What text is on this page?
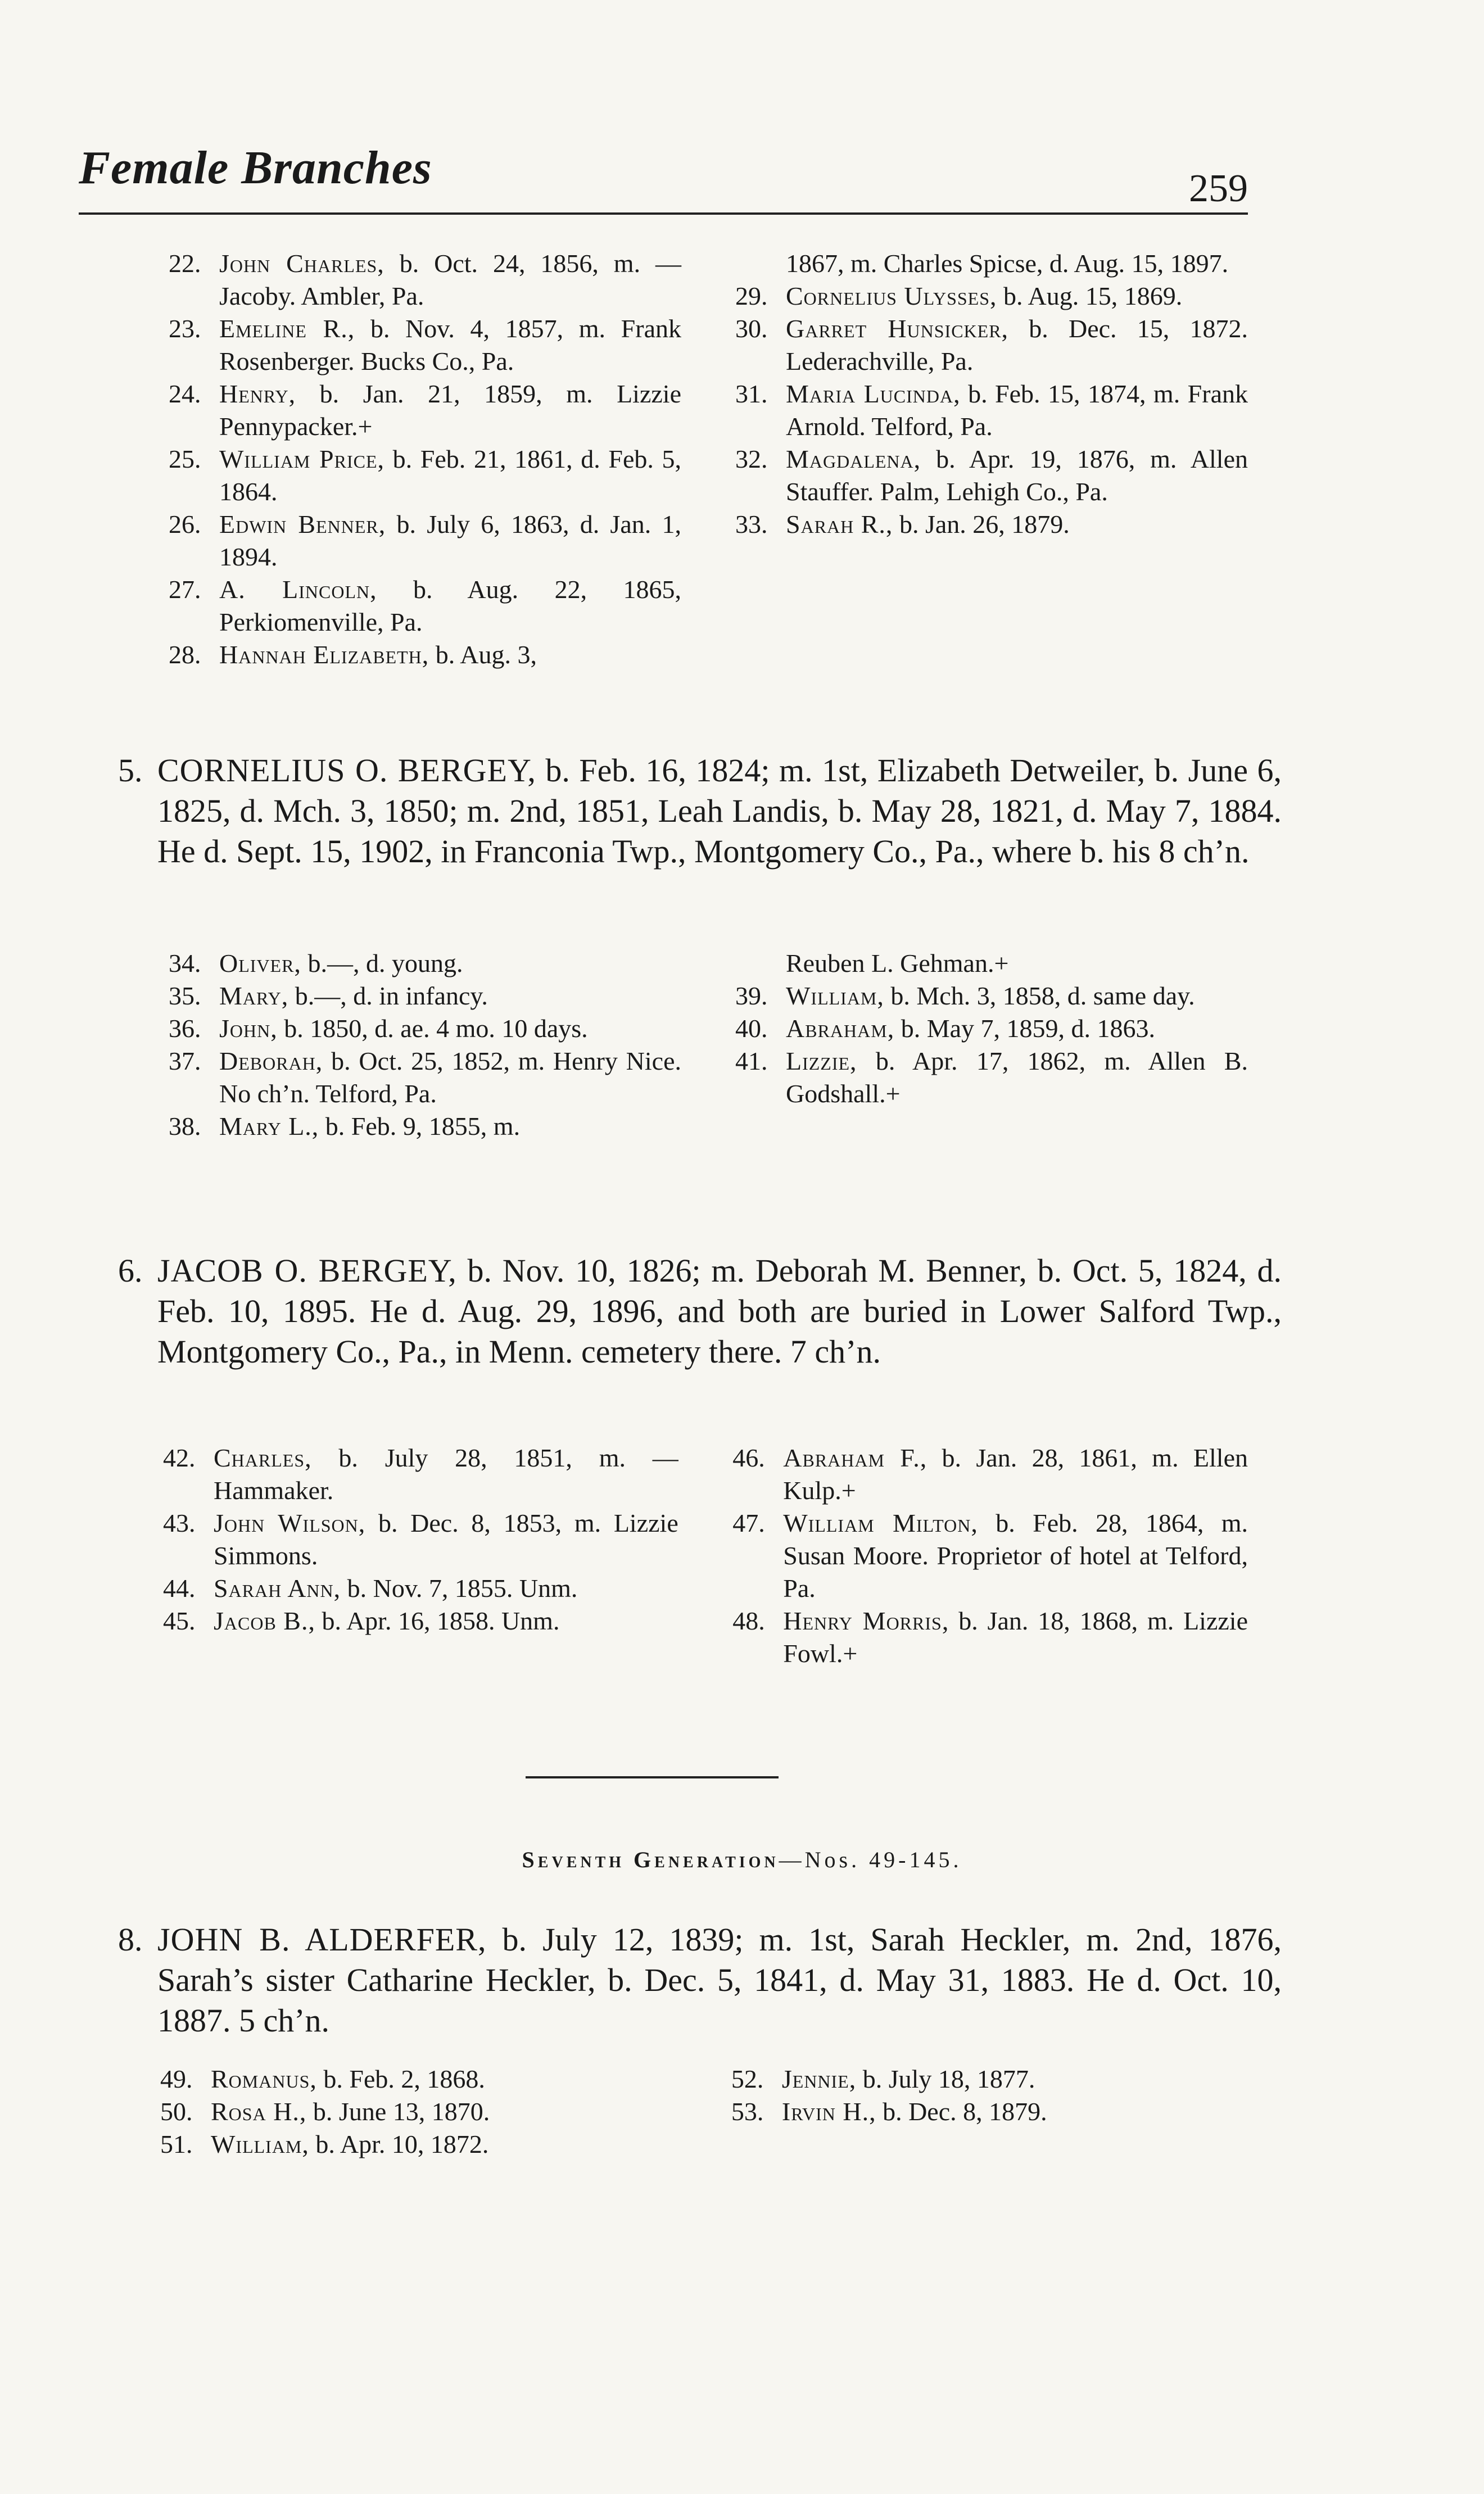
Female Branches	259

22. John Charles, b. Oct. 24, 1856, m. — Jacoby. Ambler, Pa.

23. Emeline R., b. Nov. 4, 1857, m. Frank Rosenberger. Bucks Co., Pa.

24. Henry, b. Jan. 21, 1859, m. Lizzie Pennypacker.+

25. William Price, b. Feb. 21, 1861, d. Feb. 5, 1864.

26. Edwin Benner, b. July 6, 1863, d. Jan. 1, 1894.

27. A. Lincoln, b. Aug. 22, 1865, Perkiomenville, Pa.

28. Hannah Elizabeth, b. Aug. 3,

1867, m. Charles Spicse, d. Aug. 15, 1897.

29. Cornelius Ulysses, b. Aug. 15, 1869.

30. Garret Hunsicker, b. Dec. 15, 1872. Lederachville, Pa.

31. Maria Lucinda, b. Feb. 15, 1874, m. Frank Arnold. Telford, Pa.

32. Magdalena, b. Apr. 19, 1876, m. Allen Stauffer. Palm, Lehigh Co., Pa.

33. Sarah R., b. Jan. 26, 1879.

5. CORNELIUS O. BERGEY, b. Feb. 16, 1824; m. 1st, Elizabeth Detweiler, b. June 6, 1825, d. Mch. 3, 1850; m. 2nd, 1851, Leah Landis, b. May 28, 1821, d. May 7, 1884. He d. Sept. 15, 1902, in Franconia Twp., Montgomery Co., Pa., where b. his 8 ch’n.

34. Oliver, b.—, d. young.

35. Mary, b.—, d. in infancy.

36. John, b. 1850, d. ae. 4 mo. 10 days.

37. Deborah, b. Oct. 25, 1852, m. Henry Nice. No ch’n. Telford, Pa.

38. Mary L., b. Feb. 9, 1855, m.

Reuben L. Gehman.+

39. William, b. Mch. 3, 1858, d. same day.

40. Abraham, b. May 7, 1859, d. 1863.

41. Lizzie, b. Apr. 17, 1862, m. Allen B. Godshall.+

6. JACOB O. BERGEY, b. Nov. 10, 1826; m. Deborah M. Benner, b. Oct. 5, 1824, d. Feb. 10, 1895. He d. Aug. 29, 1896, and both are buried in Lower Salford Twp., Montgomery Co., Pa., in Menn. cemetery there. 7 ch’n.

42. Charles, b. July 28, 1851, m. — Hammaker.

43. John Wilson, b. Dec. 8, 1853, m. Lizzie Simmons.

44. Sarah Ann, b. Nov. 7, 1855. Unm.

45. Jacob B., b. Apr. 16, 1858. Unm.

46. Abraham F., b. Jan. 28, 1861, m. Ellen Kulp.+

47. William Milton, b. Feb. 28, 1864, m. Susan Moore. Proprietor of hotel at Telford, Pa.

48. Henry Morris, b. Jan. 18, 1868, m. Lizzie Fowl.+

Seventh Generation—Nos. 49-145.

8. JOHN B. ALDERFER, b. July 12, 1839; m. 1st, Sarah Heckler, m. 2nd, 1876, Sarah’s sister Catharine Heckler, b. Dec. 5, 1841, d. May 31, 1883. He d. Oct. 10, 1887. 5 ch’n.

49. Romanus, b. Feb. 2, 1868.

50. Rosa H., b. June 13, 1870.

51. William, b. Apr. 10, 1872.

52. Jennie, b. July 18, 1877.

53. Irvin H., b. Dec. 8, 1879.
